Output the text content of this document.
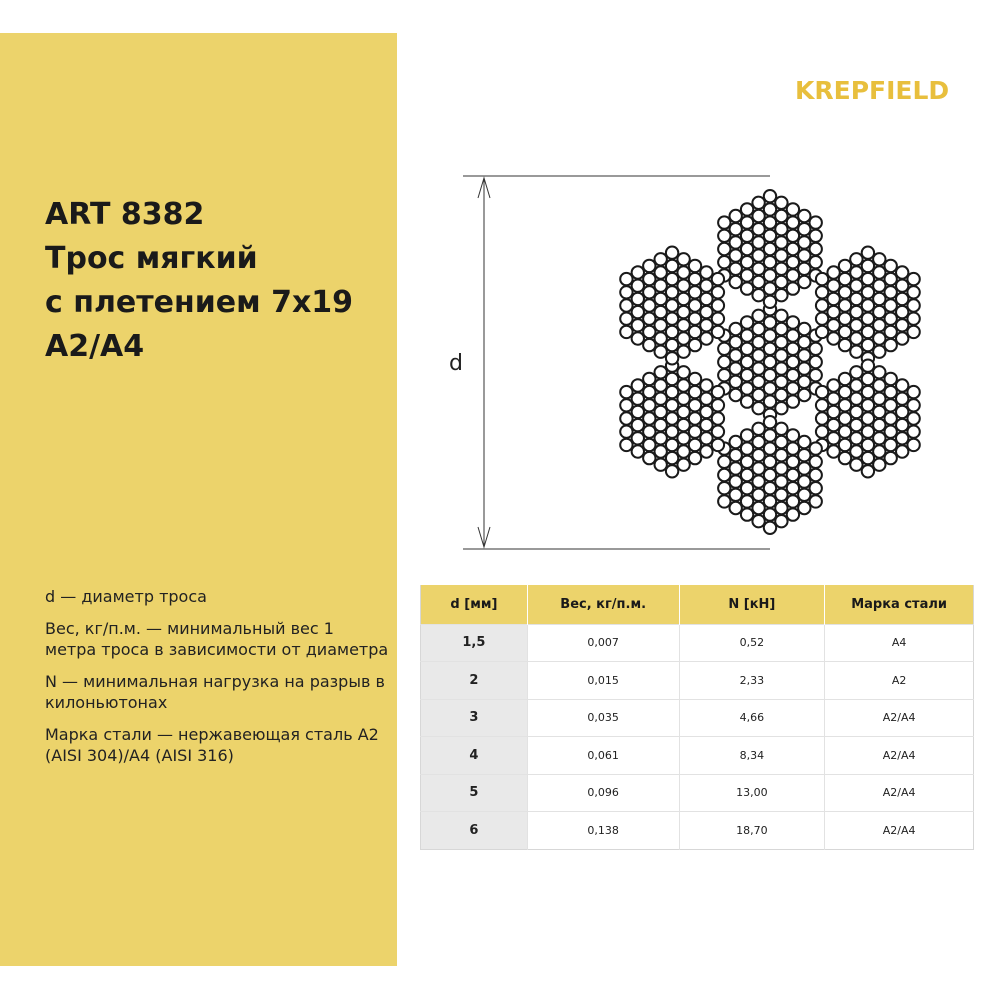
ART 8382
Трос мягкий
с плетением 7x19
A2/A4

d — диаметр троса

Вес, кг/п.м. — минимальный вес 1 метра троса в зависимости от диаметра

N — минимальная нагрузка на разрыв в килоньютонах

Марка стали — нержавеющая сталь A2 (AISI 304)/A4 (AISI 316)

KREPFIELD
d
d [мм]	Вес, кг/п.м.	N [кН]	Марка стали
1,5	0,007	0,52	A4
2	0,015	2,33	A2
3	0,035	4,66	A2/A4
4	0,061	8,34	A2/A4
5	0,096	13,00	A2/A4
6	0,138	18,70	A2/A4
